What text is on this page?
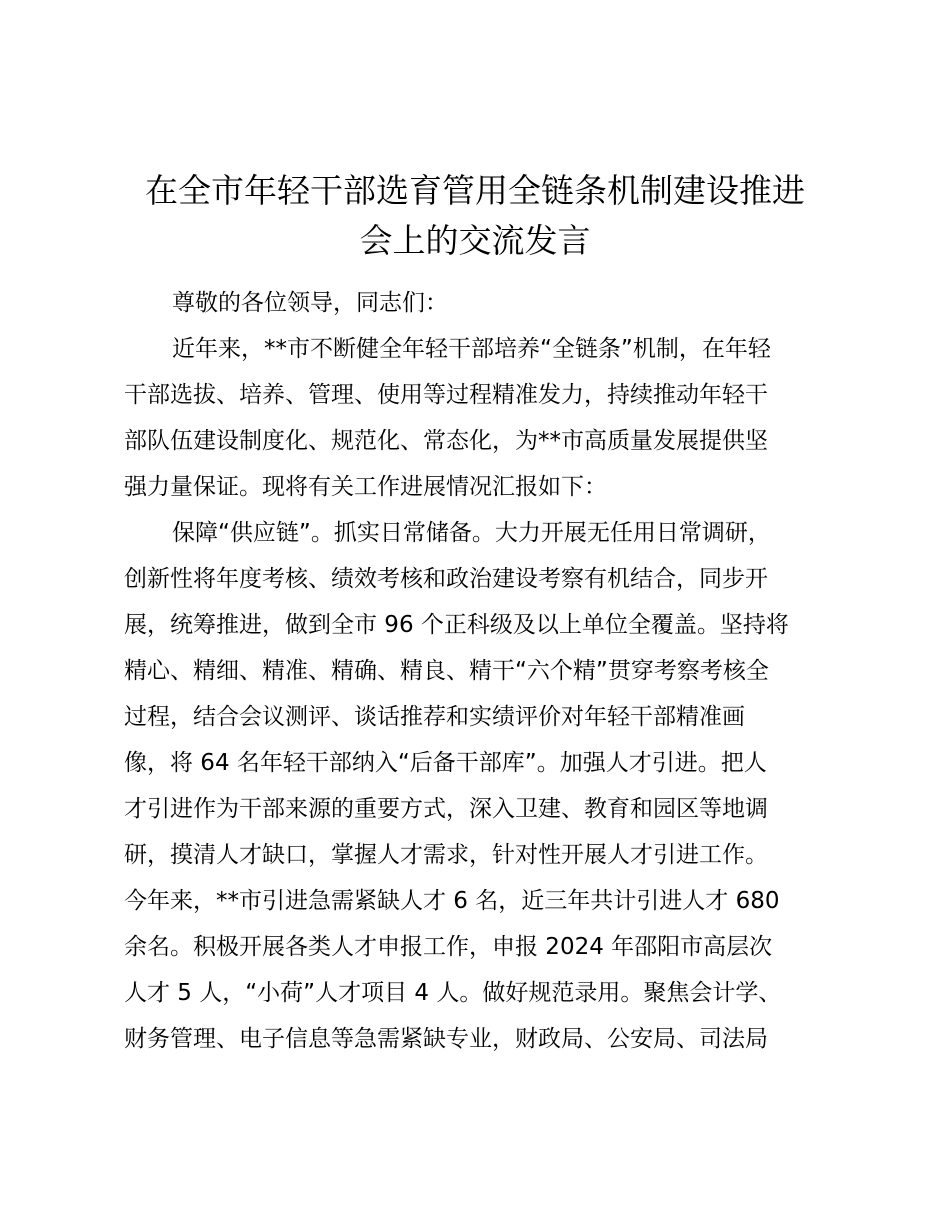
在全市年轻干部选育管用全链条机制建设推进
会上的交流发言
尊敬的各位领导，同志们：
近年来，**市不断健全年轻干部培养“全链条”机制，在年轻
干部选拔、培养、管理、使用等过程精准发力，持续推动年轻干
部队伍建设制度化、规范化、常态化，为**市高质量发展提供坚
强力量保证。现将有关工作进展情况汇报如下：
保障“供应链”。抓实日常储备。大力开展无任用日常调研，
创新性将年度考核、绩效考核和政治建设考察有机结合，同步开
展，统筹推进，做到全市 96 个正科级及以上单位全覆盖。坚持将
精心、精细、精准、精确、精良、精干“六个精”贯穿考察考核全
过程，结合会议测评、谈话推荐和实绩评价对年轻干部精准画
像，将 64 名年轻干部纳入“后备干部库”。加强人才引进。把人
才引进作为干部来源的重要方式，深入卫建、教育和园区等地调
研，摸清人才缺口，掌握人才需求，针对性开展人才引进工作。
今年来，**市引进急需紧缺人才 6 名，近三年共计引进人才 680
余名。积极开展各类人才申报工作，申报 2024 年邵阳市高层次
人才 5 人，“小荷”人才项目 4 人。做好规范录用。聚焦会计学、
财务管理、电子信息等急需紧缺专业，财政局、公安局、司法局
